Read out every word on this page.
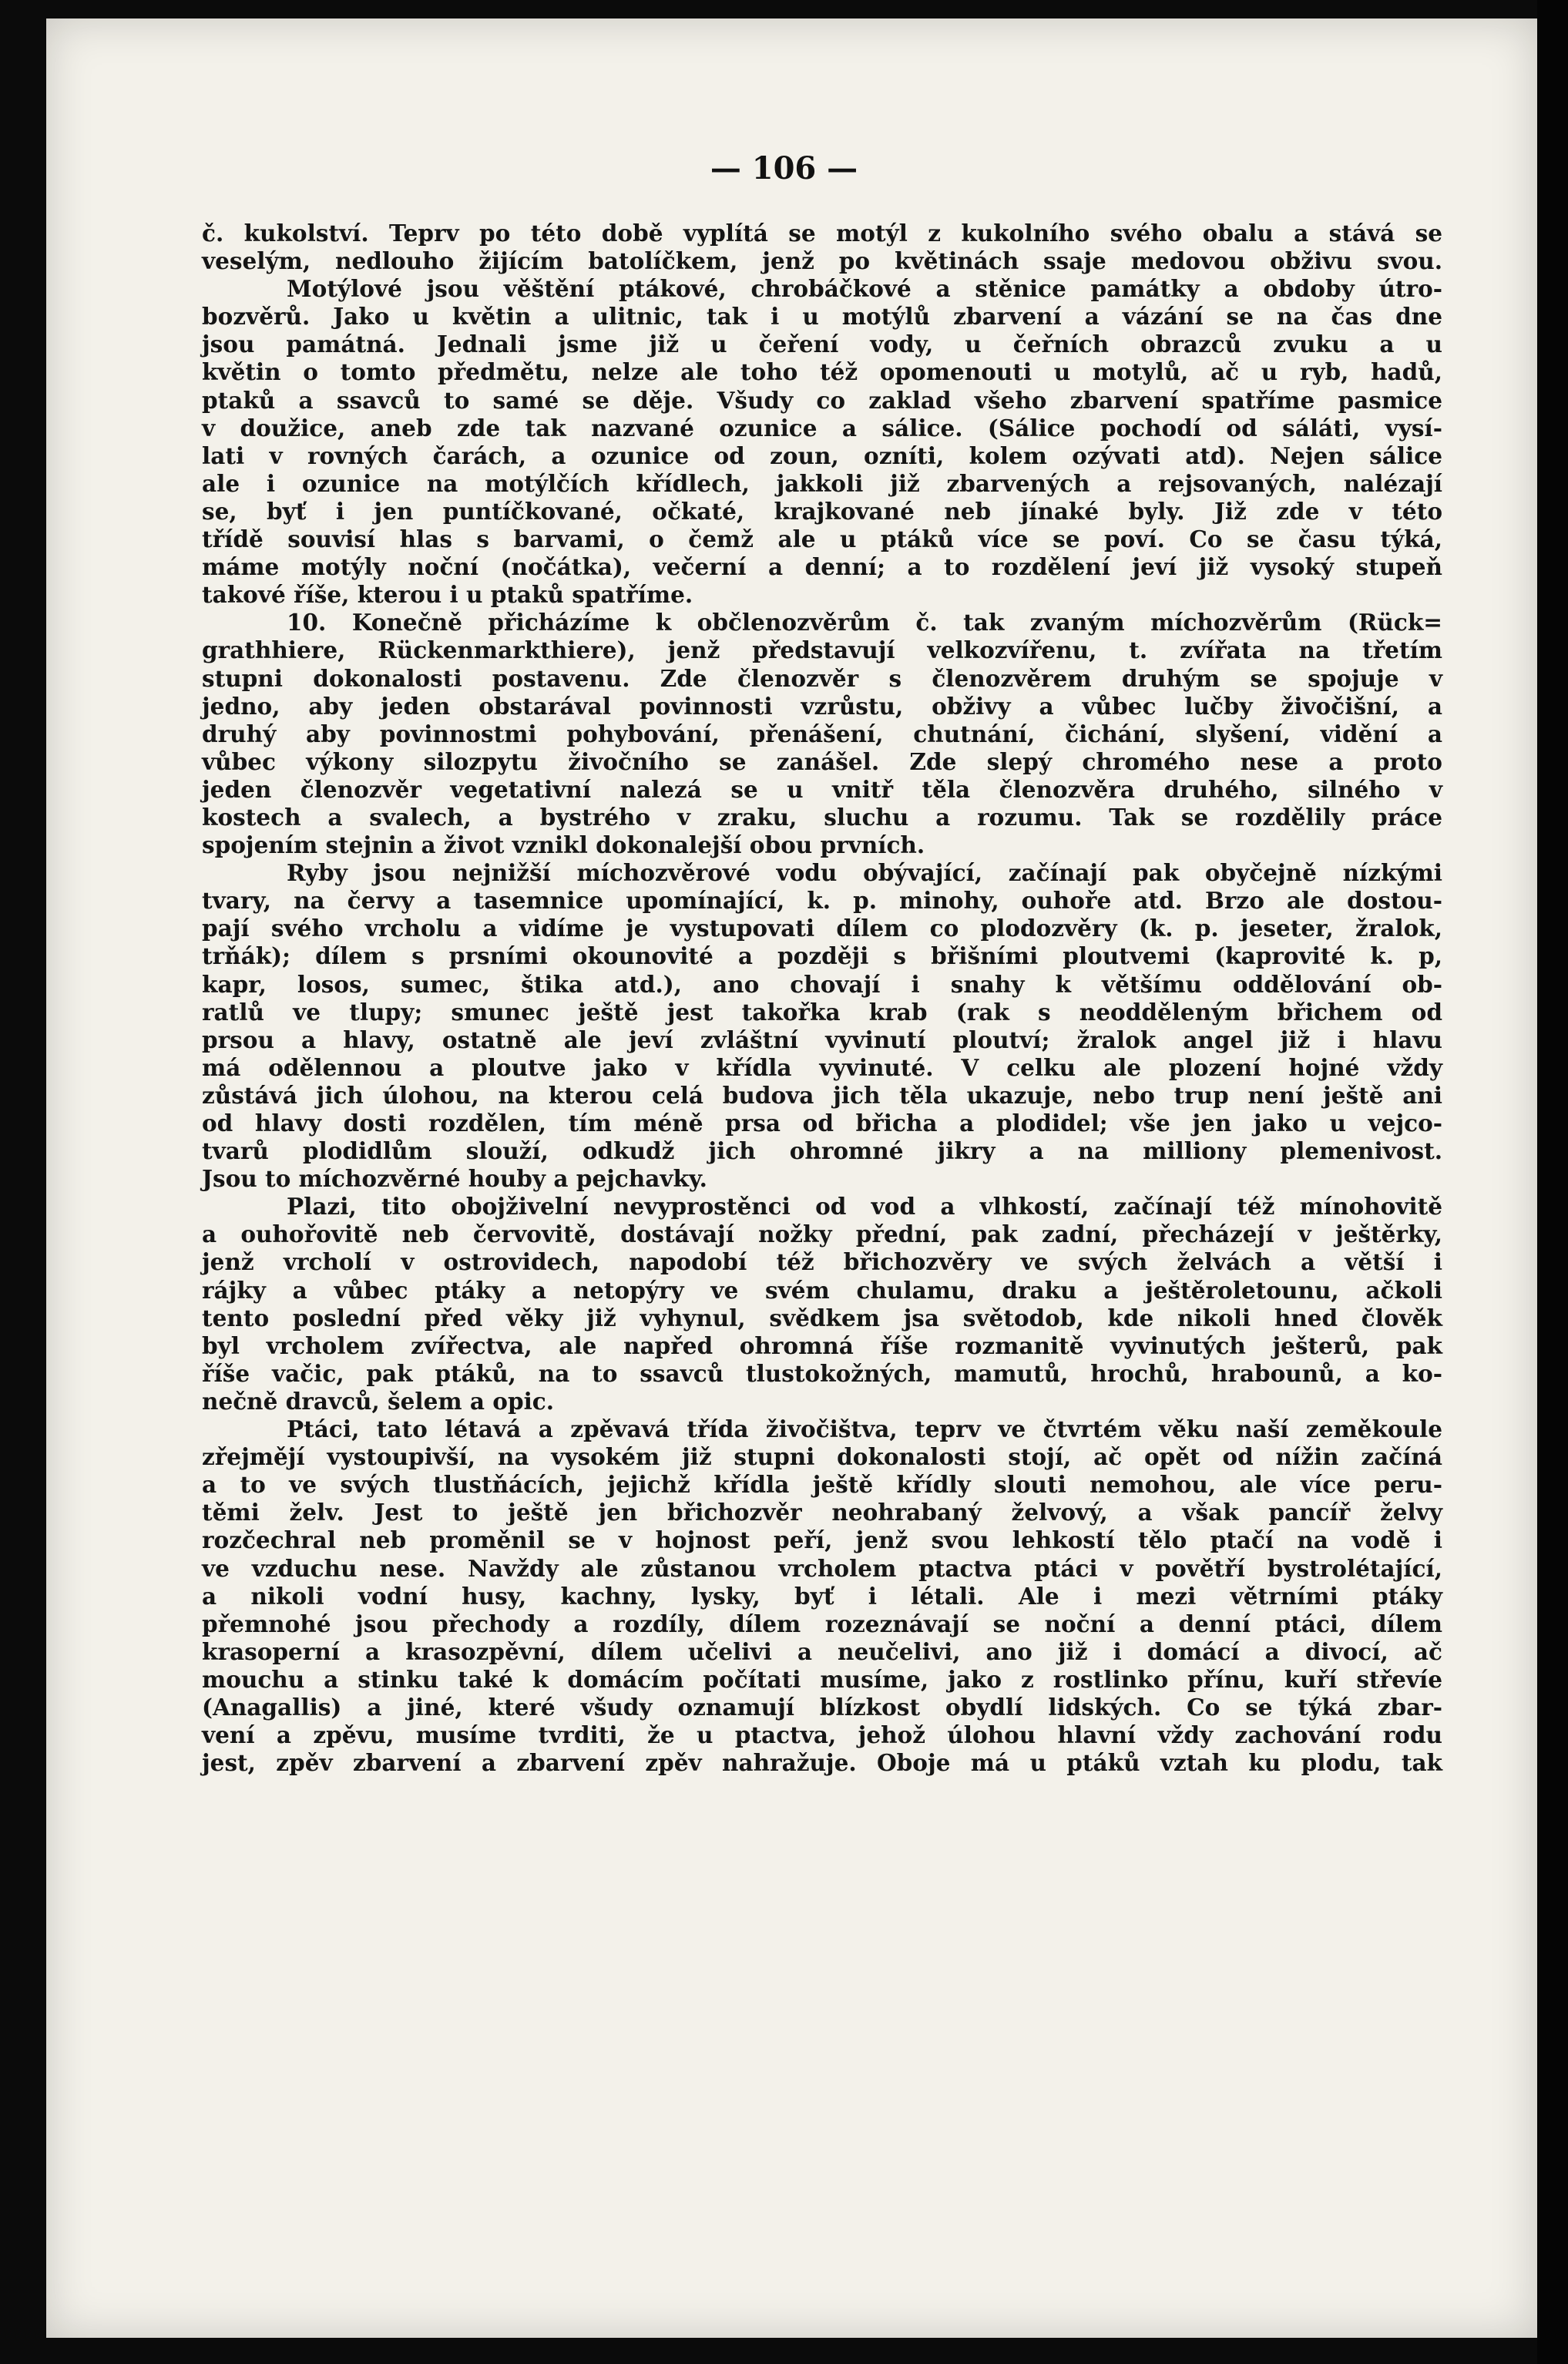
— 106 —
č. kukolství. Teprv po této době vyplítá se motýl z kukolního svého obalu a stává se
veselým, nedlouho žijícím batolíčkem, jenž po květinách ssaje medovou obživu svou.
Motýlové jsou věštění ptákové, chrobáčkové a stěnice památky a obdoby útro-
bozvěrů. Jako u květin a ulitnic, tak i u motýlů zbarvení a vázání se na čas dne
jsou památná. Jednali jsme již u čeření vody, u čeřních obrazců zvuku a u
květin o tomto předmětu, nelze ale toho též opomenouti u motylů, ač u ryb, hadů,
ptaků a ssavců to samé se děje. Všudy co zaklad všeho zbarvení spatříme pasmice
v doužice, aneb zde tak nazvané ozunice a sálice. (Sálice pochodí od sáláti, vysí-
lati v rovných čarách, a ozunice od zoun, ozníti, kolem ozývati atd). Nejen sálice
ale i ozunice na motýlčích křídlech, jakkoli již zbarvených a rejsovaných, nalézají
se, byť i jen puntíčkované, očkaté, krajkované neb jínaké byly. Již zde v této
třídě souvisí hlas s barvami, o čemž ale u ptáků více se poví. Co se času týká,
máme motýly noční (nočátka), večerní a denní; a to rozdělení jeví již vysoký stupeň
takové říše, kterou i u ptaků spatříme.
10. Konečně přicházíme k občlenozvěrům č. tak zvaným míchozvěrům (Rück=
grathhiere, Rückenmarkthiere), jenž představují velkozvířenu, t. zvířata na třetím
stupni dokonalosti postavenu. Zde členozvěr s členozvěrem druhým se spojuje v
jedno, aby jeden obstarával povinnosti vzrůstu, obživy a vůbec lučby živočišní, a
druhý aby povinnostmi pohybování, přenášení, chutnání, čichání, slyšení, vidění a
vůbec výkony silozpytu živočního se zanášel. Zde slepý chromého nese a proto
jeden členozvěr vegetativní nalezá se u vnitř těla členozvěra druhého, silného v
kostech a svalech, a bystrého v zraku, sluchu a rozumu. Tak se rozdělily práce
spojením stejnin a život vznikl dokonalejší obou prvních.
Ryby jsou nejnižší míchozvěrové vodu obývající, začínají pak obyčejně nízkými
tvary, na červy a tasemnice upomínající, k. p. minohy, ouhoře atd. Brzo ale dostou-
pají svého vrcholu a vidíme je vystupovati dílem co plodozvěry (k. p. jeseter, žralok,
trňák); dílem s prsními okounovité a později s břišními ploutvemi (kaprovité k. p,
kapr, losos, sumec, štika atd.), ano chovají i snahy k většímu oddělování ob-
ratlů ve tlupy; smunec ještě jest takořka krab (rak s neodděleným břichem od
prsou a hlavy, ostatně ale jeví zvláštní vyvinutí ploutví; žralok angel již i hlavu
má odělennou a ploutve jako v křídla vyvinuté. V celku ale plození hojné vždy
zůstává jich úlohou, na kterou celá budova jich těla ukazuje, nebo trup není ještě ani
od hlavy dosti rozdělen, tím méně prsa od břicha a plodidel; vše jen jako u vejco-
tvarů plodidlům slouží, odkudž jich ohromné jikry a na milliony plemenivost.
Jsou to míchozvěrné houby a pejchavky.
Plazi, tito obojživelní nevyprostěnci od vod a vlhkostí, začínají též mínohovitě
a ouhořovitě neb červovitě, dostávají nožky přední, pak zadní, přecházejí v ještěrky,
jenž vrcholí v ostrovidech, napodobí též břichozvěry ve svých želvách a větší i
rájky a vůbec ptáky a netopýry ve svém chulamu, draku a ještěroletounu, ačkoli
tento poslední před věky již vyhynul, svědkem jsa světodob, kde nikoli hned člověk
byl vrcholem zvířectva, ale napřed ohromná říše rozmanitě vyvinutých ješterů, pak
říše vačic, pak ptáků, na to ssavců tlustokožných, mamutů, hrochů, hrabounů, a ko-
nečně dravců, šelem a opic.
Ptáci, tato létavá a zpěvavá třída živočištva, teprv ve čtvrtém věku naší zeměkoule
zřejmějí vystoupivší, na vysokém již stupni dokonalosti stojí, ač opět od nížin začíná
a to ve svých tlustňácích, jejichž křídla ještě křídly slouti nemohou, ale více peru-
těmi želv. Jest to ještě jen břichozvěr neohrabaný želvový, a však pancíř želvy
rozčechral neb proměnil se v hojnost peří, jenž svou lehkostí tělo ptačí na vodě i
ve vzduchu nese. Navždy ale zůstanou vrcholem ptactva ptáci v povětří bystrolétající,
a nikoli vodní husy, kachny, lysky, byť i létali. Ale i mezi větrními ptáky
přemnohé jsou přechody a rozdíly, dílem rozeznávají se noční a denní ptáci, dílem
krasoperní a krasozpěvní, dílem učelivi a neučelivi, ano již i domácí a divocí, ač
mouchu a stinku také k domácím počítati musíme, jako z rostlinko přínu, kuří střevíe
(Anagallis) a jiné, které všudy oznamují blízkost obydlí lidských. Co se týká zbar-
vení a zpěvu, musíme tvrditi, že u ptactva, jehož úlohou hlavní vždy zachování rodu
jest, zpěv zbarvení a zbarvení zpěv nahražuje. Oboje má u ptáků vztah ku plodu, tak
